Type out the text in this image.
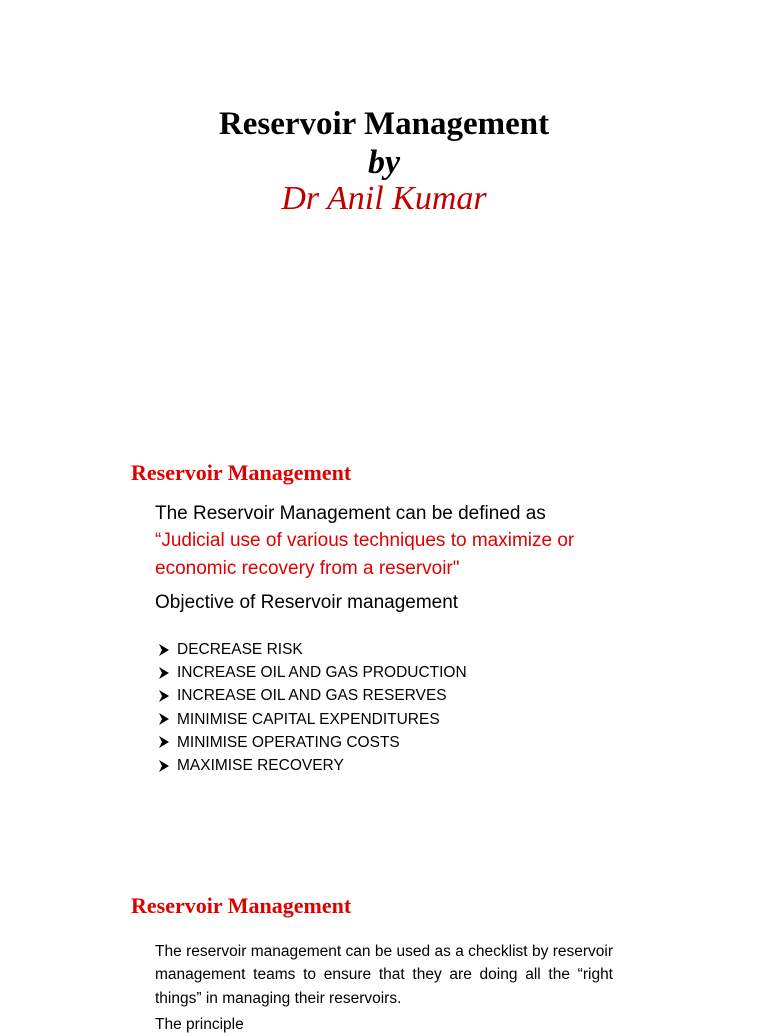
Reservoir Management
by
Dr Anil Kumar
Reservoir Management
The Reservoir Management can be defined as
“Judicial use of various techniques to maximize or economic recovery from a reservoir"
Objective of Reservoir management
DECREASE RISK
INCREASE OIL AND GAS PRODUCTION
INCREASE OIL AND GAS RESERVES
MINIMISE CAPITAL EXPENDITURES
MINIMISE OPERATING COSTS
MAXIMISE RECOVERY
Reservoir Management
The reservoir management can be used as a checklist by reservoir management teams to ensure that they are doing all the “right things” in managing their reservoirs.
The principle
